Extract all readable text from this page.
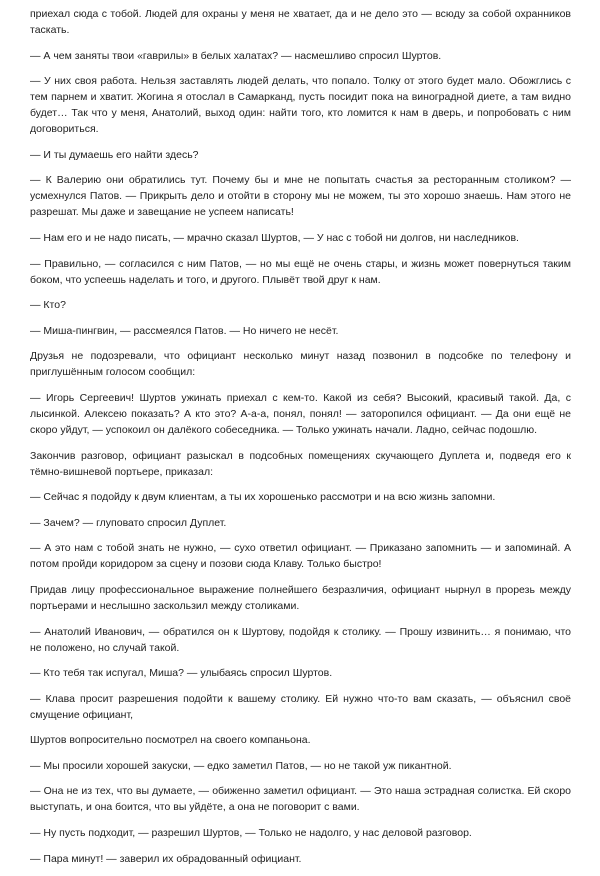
приехал сюда с тобой. Людей для охраны у меня не хватает, да и не дело это — всюду за собой охранников таскать.

— А чем заняты твои «гаврилы» в белых халатах? — насмешливо спросил Шуртов.

— У них своя работа. Нельзя заставлять людей делать, что попало. Толку от этого будет мало. Обожглись с тем парнем и хватит. Жогина я отослал в Самарканд, пусть посидит пока на виноградной диете, а там видно будет… Так что у меня, Анатолий, выход один: найти того, кто ломится к нам в дверь, и попробовать с ним договориться.

— И ты думаешь его найти здесь?

— К Валерию они обратились тут. Почему бы и мне не попытать счастья за ресторанным столиком? — усмехнулся Патов. — Прикрыть дело и отойти в сторону мы не можем, ты это хорошо знаешь. Нам этого не разрешат. Мы даже и завещание не успеем написать!

— Нам его и не надо писать, — мрачно сказал Шуртов, — У нас с тобой ни долгов, ни наследников.

— Правильно, — согласился с ним Патов, — но мы ещё не очень стары, и жизнь может повернуться таким боком, что успеешь наделать и того, и другого. Плывёт твой друг к нам.

— Кто?

— Миша-пингвин, — рассмеялся Патов. — Но ничего не несёт.

Друзья не подозревали, что официант несколько минут назад позвонил в подсобке по телефону и приглушённым голосом сообщил:

— Игорь Сергеевич! Шуртов ужинать приехал с кем-то. Какой из себя? Высокий, красивый такой. Да, с лысинкой. Алексею показать? А кто это? А-а-а, понял, понял! — заторопился официант. — Да они ещё не скоро уйдут, — успокоил он далёкого собеседника. — Только ужинать начали. Ладно, сейчас подошлю.

Закончив разговор, официант разыскал в подсобных помещениях скучающего Дуплета и, подведя его к тёмно-вишневой портьере, приказал:

— Сейчас я подойду к двум клиентам, а ты их хорошенько рассмотри и на всю жизнь запомни.

— Зачем? — глуповато спросил Дуплет.

— А это нам с тобой знать не нужно, — сухо ответил официант. — Приказано запомнить — и запоминай. А потом пройди коридором за сцену и позови сюда Клаву. Только быстро!

Придав лицу профессиональное выражение полнейшего безразличия, официант нырнул в прорезь между портьерами и неслышно заскользил между столиками.

— Анатолий Иванович, — обратился он к Шуртову, подойдя к столику. — Прошу извинить… я понимаю, что не положено, но случай такой.

— Кто тебя так испугал, Миша? — улыбаясь спросил Шуртов.

— Клава просит разрешения подойти к вашему столику. Ей нужно что-то вам сказать, — объяснил своё смущение официант,

Шуртов вопросительно посмотрел на своего компаньона.

— Мы просили хорошей закуски, — едко заметил Патов, — но не такой уж пикантной.

— Она не из тех, что вы думаете, — обиженно заметил официант. — Это наша эстрадная солистка. Ей скоро выступать, и она боится, что вы уйдёте, а она не поговорит с вами.

— Ну пусть подходит, — разрешил Шуртов, — Только не надолго, у нас деловой разговор.

— Пара минут! — заверил их обрадованный официант.
